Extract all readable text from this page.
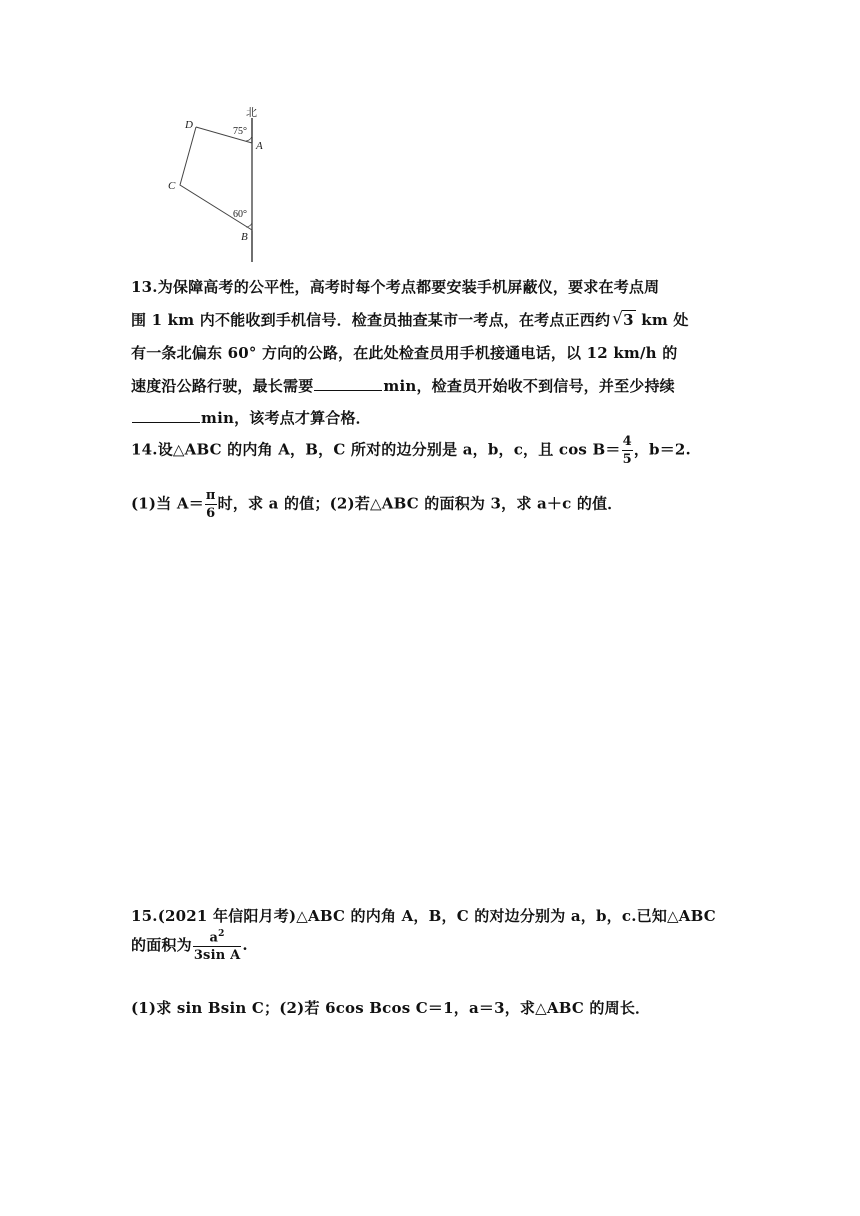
北
D
A
C
B
75°
60°
13.为保障高考的公平性，高考时每个考点都要安装手机屏蔽仪，要求在考点周
围 1 km 内不能收到手机信号．检查员抽查某市一考点，在考点正西约 √ 3 km 处
有一条北偏东 60° 方向的公路，在此处检查员用手机接通电话，以 12 km/h 的
速度沿公路行驶，最长需要	min，检查员开始收不到信号，并至少持续
min，该考点才算合格．
14.设△ABC 的内角 A，B，C 所对的边分别是 a，b，c，且 $\cos B= \frac{4}{5}$ ，b＝2.
(1)当 $A= \frac{\pi}{6}$ 时，求 a 的值；(2)若△ABC 的面积为 3，求 a＋c 的值．
15.(2021 年信阳月考)△ABC 的内角 A，B，C 的对边分别为 a，b，c.已知△ABC
的面积为 $\frac{a^2}{\text{3sin A}}$ .
(1)求 sin Bsin C；(2)若 6cos Bcos C＝1，a＝3，求△ABC 的周长．
